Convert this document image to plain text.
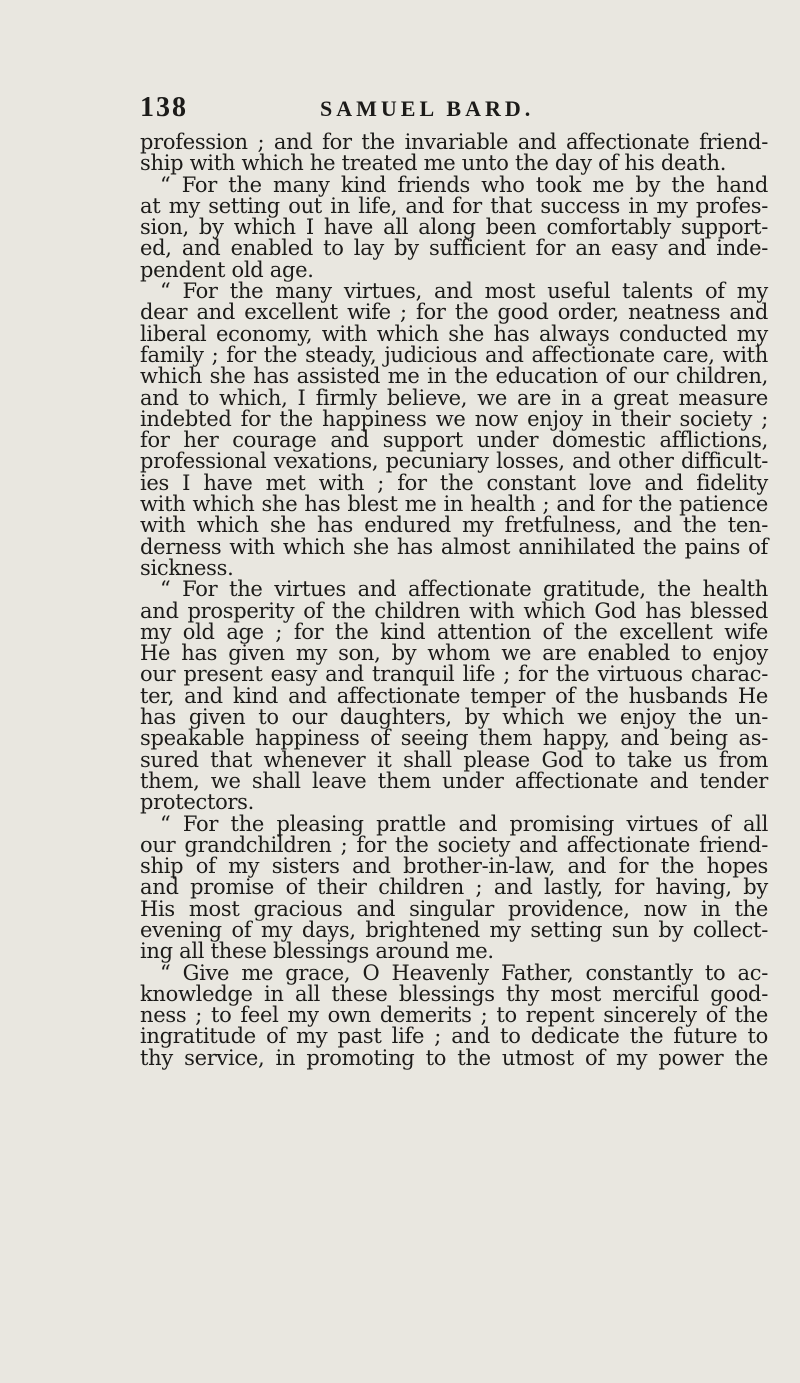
138	SAMUEL BARD.
profession ; and for the invariable and affectionate friend-
ship with which he treated me unto the day of his death.
“ For the many kind friends who took me by the hand
at my setting out in life, and for that success in my profes-
sion, by which I have all along been comfortably support-
ed, and enabled to lay by sufficient for an easy and inde-
pendent old age.
“ For the many virtues, and most useful talents of my
dear and excellent wife ; for the good order, neatness and
liberal economy, with which she has always conducted my
family ; for the steady, judicious and affectionate care, with
which she has assisted me in the education of our children,
and to which, I firmly believe, we are in a great measure
indebted for the happiness we now enjoy in their society ;
for her courage and support under domestic afflictions,
professional vexations, pecuniary losses, and other difficult-
ies I have met with ; for the constant love and fidelity
with which she has blest me in health ; and for the patience
with which she has endured my fretfulness, and the ten-
derness with which she has almost annihilated the pains of
sickness.
“ For the virtues and affectionate gratitude, the health
and prosperity of the children with which God has blessed
my old age ; for the kind attention of the excellent wife
He has given my son, by whom we are enabled to enjoy
our present easy and tranquil life ; for the virtuous charac-
ter, and kind and affectionate temper of the husbands He
has given to our daughters, by which we enjoy the un-
speakable happiness of seeing them happy, and being as-
sured that whenever it shall please God to take us from
them, we shall leave them under affectionate and tender
protectors.
“ For the pleasing prattle and promising virtues of all
our grandchildren ; for the society and affectionate friend-
ship of my sisters and brother-in-law, and for the hopes
and promise of their children ; and lastly, for having, by
His most gracious and singular providence, now in the
evening of my days, brightened my setting sun by collect-
ing all these blessings around me.
“ Give me grace, O Heavenly Father, constantly to ac-
knowledge in all these blessings thy most merciful good-
ness ; to feel my own demerits ; to repent sincerely of the
ingratitude of my past life ; and to dedicate the future to
thy service, in promoting to the utmost of my power the
